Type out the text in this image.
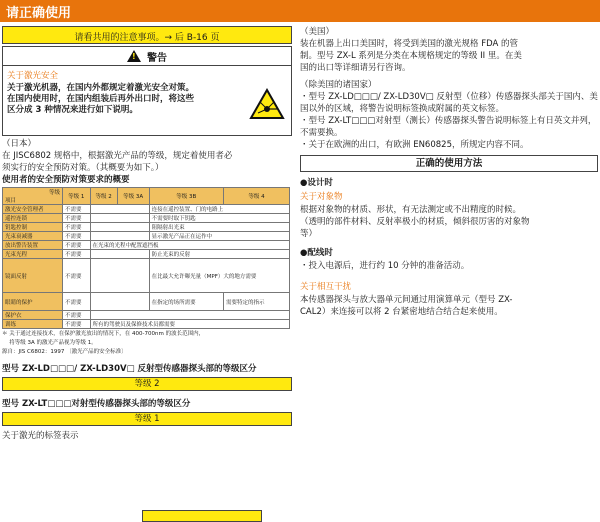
请正确使用
请看共用的注意事项。→ 后 B-16 页
!
警告
关于激光安全
关于激光机器，在国内外都规定着激光安全对策。
在国内使用时，在国内组装后再外出口时，将这些
区分成 3 种情况来进行如下说明。
（日本）
在 JISC6802 规格中，根据激光产品的等级，规定着使用者必
须实行的安全预防对策。（其概要为如下。）
使用者的安全预防对策要求的概要
等级
项目	等级 1	等级 2	等级 3A	等级 3B	等级 4
激光安全管理者	不需要			连接在遥控装置、门的电路上	
遥控连锁	不需要			不需要时取下钥匙	
钥匙控制	不需要			阻隔射出光束	
光束衰减器	不需要			显示激光产品正在运作中	
放出警告装置	不需要	在光束的光程中配置遮挡板			
光束光程	不需要			防止光束的反射	
镜面反射	不需要			在比最大允许曝光量（MPF）大的地方需要	
眼睛的保护	不需要			在指定的场所需要	需要特定的指示
保护衣	不需要				
训练	不需要	所有的驾驶员及保修技术员都需要			
＊ 关于通过连接技术，在保护激光放出的情况下，在 400-700nm 的波长范围内，
　 将等级 3A 的激光产品视为等级 1。
源自：JIS C6802：1997 〔激光产品的安全标准〕
型号 ZX-LD□□□/ ZX-LD30V□ 反射型传感器探头部的等级区分
等级 2
型号 ZX-LT□□□对射型传感器探头部的等级区分
等级 1
关于激光的标签表示
（美国）
装在机器上出口美国时，将受到美国的激光规格 FDA 的管
制。型号 ZX-L 系列是分类在本规格规定的等级 II 里。在美
国的出口等详细请另行咨询。
（除美国的诸国家）
・型号 ZX-LD□□□/ ZX-LD30V□ 反射型（位移）传感器探头部关于国内、美国以外的区域，将警告说明标签换成附属的英文标签。
・型号 ZX-LT□□□对射型（测长）传感器探头警告说明标签上有日英文并列，不需要换。
・关于在欧洲的出口，有欧洲 EN60825，所规定内容不同。
正确的使用方法
●设计时
关于对象物
根据对象物的材质、形状，有无法测定或不出精度的时候。
（透明的部件材料、反射率极小的材质，倾斜很厉害的对象物
等）
●配线时
・投入电源后，进行约 10 分钟的准备活动。
关于相互干扰
本传感器探头与放大器单元间通过用演算单元（型号 ZX-
CAL2）来连接可以将 2 台紧密地结合结合起来使用。
